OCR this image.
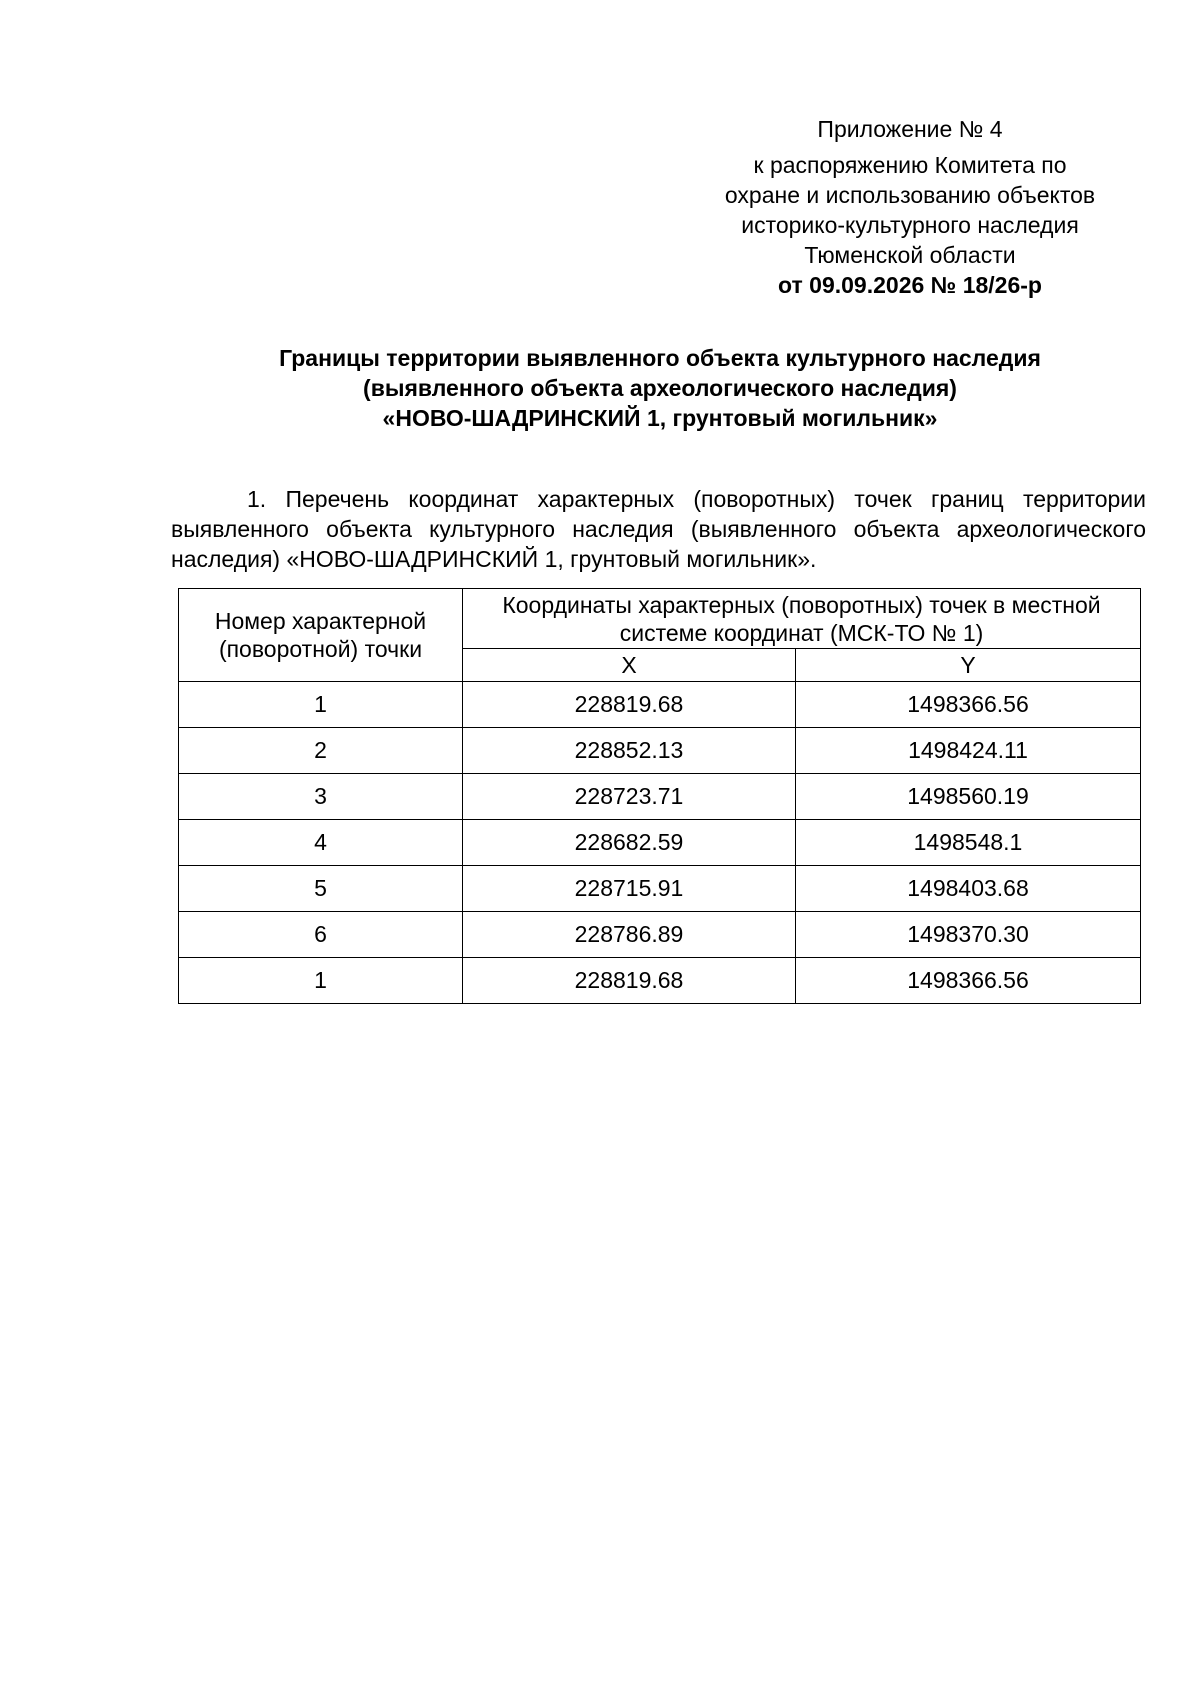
Приложение № 4
к распоряжению Комитета по
охране и использованию объектов
историко-культурного наследия
Тюменской области
от 09.09.2026 № 18/26-р
Границы территории выявленного объекта культурного наследия
(выявленного объекта археологического наследия)
«НОВО-ШАДРИНСКИЙ 1, грунтовый могильник»

1. Перечень координат характерных (поворотных) точек границ территории выявленного объекта культурного наследия (выявленного объекта археологического наследия) «НОВО-ШАДРИНСКИЙ 1, грунтовый могильник».

Номер характерной (поворотной) точки	Координаты характерных (поворотных) точек в местной системе координат (МСК-ТО № 1)	
	X	Y
1	228819.68	1498366.56
2	228852.13	1498424.11
3	228723.71	1498560.19
4	228682.59	1498548.1
5	228715.91	1498403.68
6	228786.89	1498370.30
1	228819.68	1498366.56
